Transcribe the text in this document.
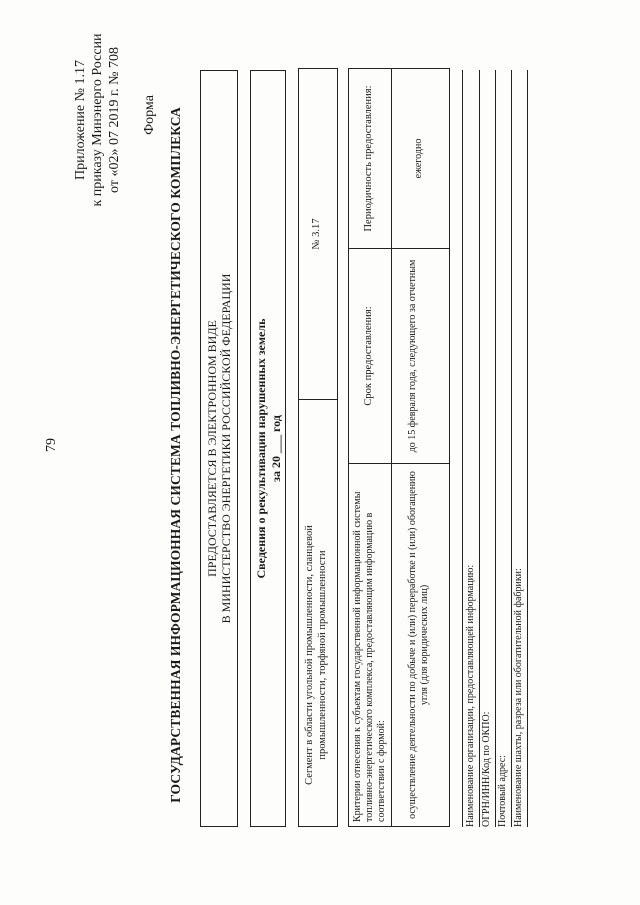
79
Приложение № 1.17 к приказу Минэнерго России от «02» 07 2019 г. № 708 Форма ГОСУДАРСТВЕННАЯ ИНФОРМАЦИОННАЯ СИСТЕМА ТОПЛИВНО-ЭНЕРГЕТИЧЕСКОГО КОМПЛЕКСА ПРЕДОСТАВЛЯЕТСЯ В ЭЛЕКТРОННОМ ВИДЕ В МИНИСТЕРСТВО ЭНЕРГЕТИКИ РОССИЙСКОЙ ФЕДЕРАЦИИ Сведения о рекультивации нарушенных земель за 20 ___ год
Сегмент в области угольной промышленности, сланцевой промышленности, торфяной промышленности
№ 3.17
Критерии отнесения к субъектам государственной информационной системы топливно-энергетического комплекса, предоставляющим информацию в соответствии с формой:
Срок предоставления:
Периодичность предоставления:
осуществление деятельности по добыче и (или) переработке и (или) обогащению угля (для юридических лиц)
до 15 февраля года, следующего за отчетным
ежегодно
Наименование организации, предоставляющей информацию: ОГРН/ИНН/Код по ОКПО: Почтовый адрес: Наименование шахты, разреза или обогатительной фабрики:
